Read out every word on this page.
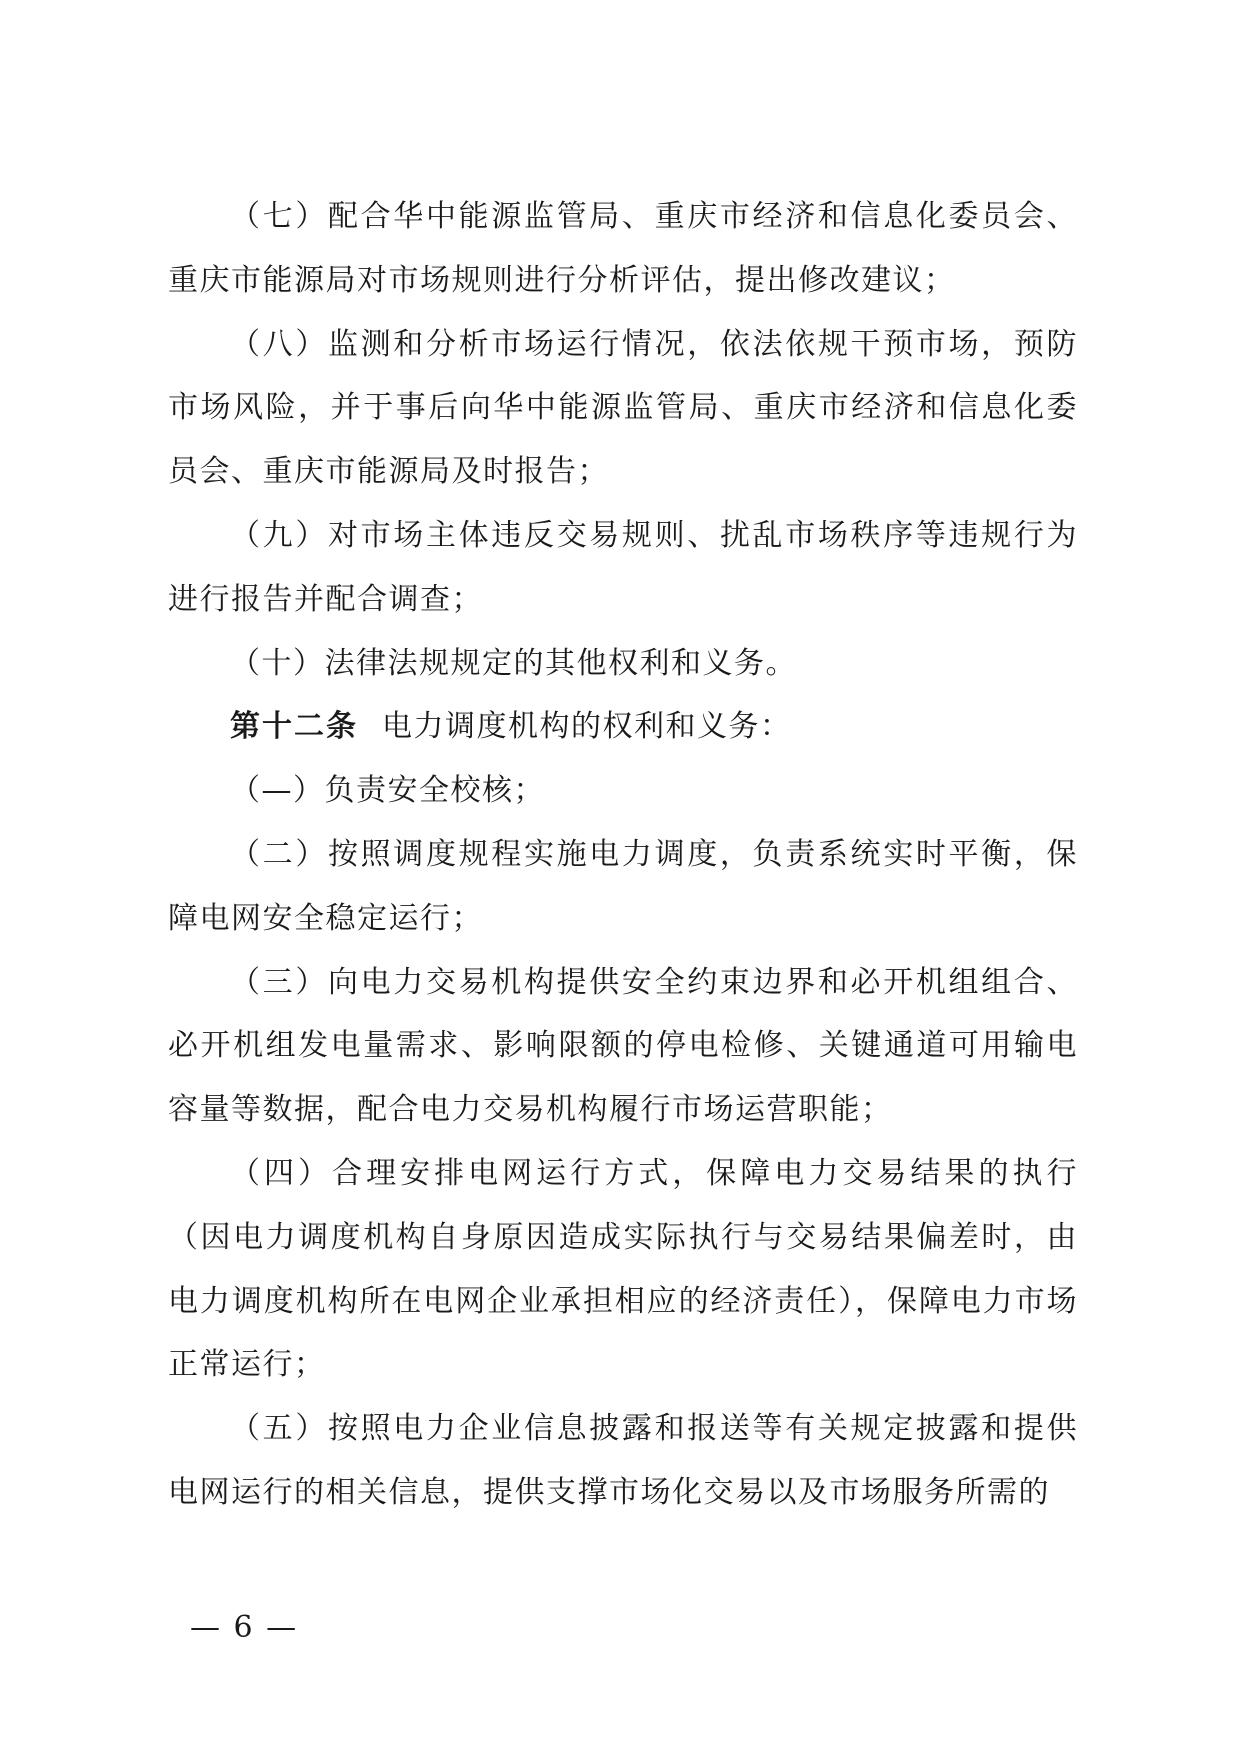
（七）配合华中能源监管局、重庆市经济和信息化委员会、重庆市能源局对市场规则进行分析评估，提出修改建议；

（八）监测和分析市场运行情况，依法依规干预市场，预防市场风险，并于事后向华中能源监管局、重庆市经济和信息化委员会、重庆市能源局及时报告；

（九）对市场主体违反交易规则、扰乱市场秩序等违规行为进行报告并配合调查；

（十）法律法规规定的其他权利和义务。

第十二条 电力调度机构的权利和义务：

（—）负责安全校核；

（二）按照调度规程实施电力调度，负责系统实时平衡，保障电网安全稳定运行；

（三）向电力交易机构提供安全约束边界和必开机组组合、必开机组发电量需求、影响限额的停电检修、关键通道可用输电容量等数据，配合电力交易机构履行市场运营职能；

（四）合理安排电网运行方式，保障电力交易结果的执行（因电力调度机构自身原因造成实际执行与交易结果偏差时，由电力调度机构所在电网企业承担相应的经济责任），保障电力市场正常运行；

（五）按照电力企业信息披露和报送等有关规定披露和提供电网运行的相关信息，提供支撑市场化交易以及市场服务所需的

— 6 —
